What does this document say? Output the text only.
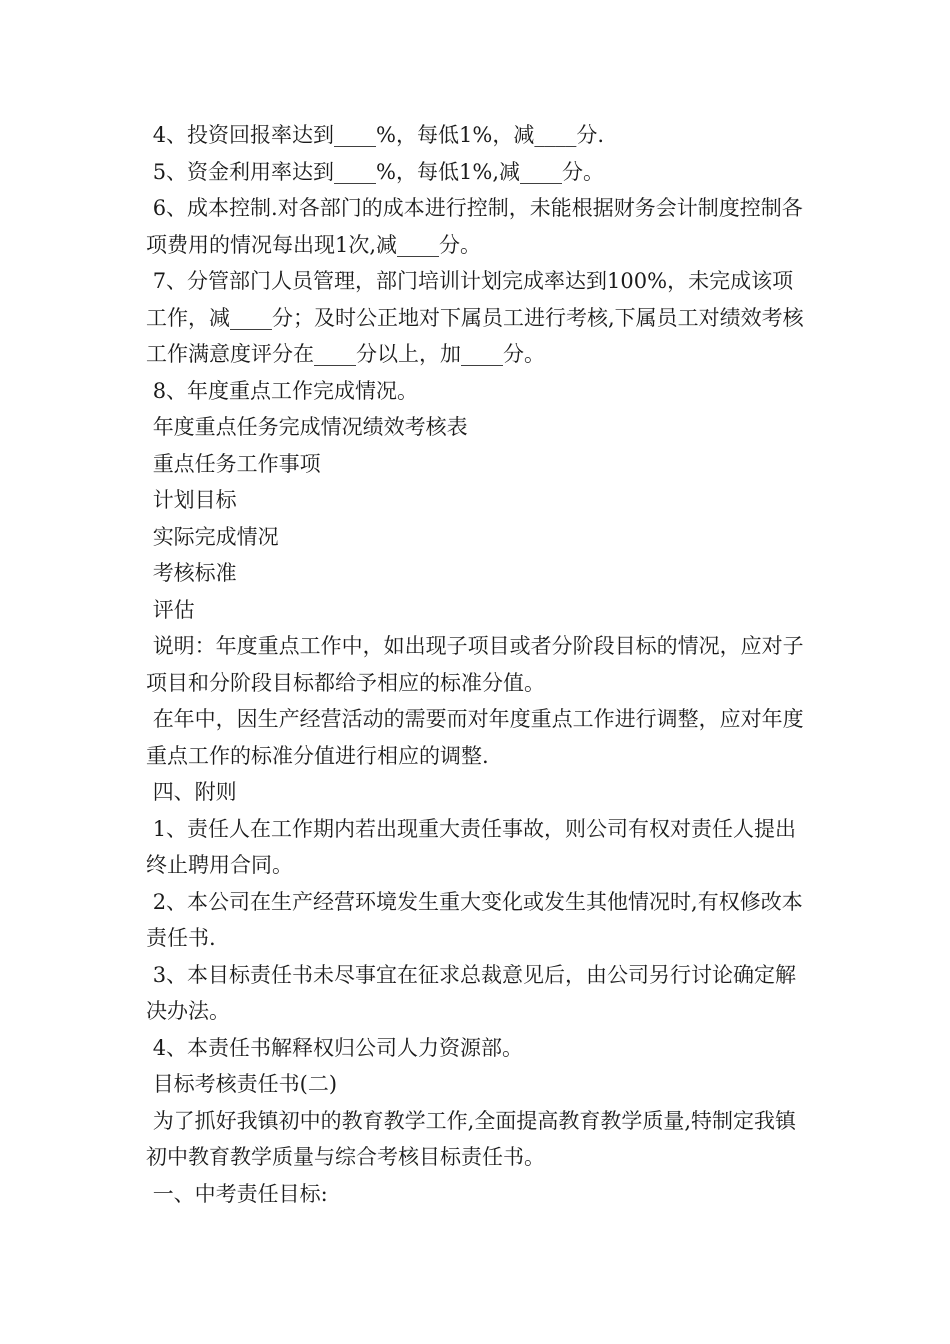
4、投资回报率达到____%，每低1%，减____分.

5、资金利用率达到____%，每低1%,减____分。

6、成本控制.对各部门的成本进行控制，未能根据财务会计制度控制各项费用的情况每出现1次,减____分。

7、分管部门人员管理，部门培训计划完成率达到100%，未完成该项工作，减____分；及时公正地对下属员工进行考核,下属员工对绩效考核工作满意度评分在____分以上，加____分。

8、年度重点工作完成情况。

年度重点任务完成情况绩效考核表

重点任务工作事项

计划目标

实际完成情况

考核标准

评估

说明：年度重点工作中，如出现子项目或者分阶段目标的情况，应对子项目和分阶段目标都给予相应的标准分值。

在年中，因生产经营活动的需要而对年度重点工作进行调整，应对年度重点工作的标准分值进行相应的调整.

四、附则

1、责任人在工作期内若出现重大责任事故，则公司有权对责任人提出终止聘用合同。

2、本公司在生产经营环境发生重大变化或发生其他情况时,有权修改本责任书.

3、本目标责任书未尽事宜在征求总裁意见后，由公司另行讨论确定解决办法。

4、本责任书解释权归公司人力资源部。

目标考核责任书(二)

为了抓好我镇初中的教育教学工作,全面提高教育教学质量,特制定我镇初中教育教学质量与综合考核目标责任书。

一、中考责任目标:
